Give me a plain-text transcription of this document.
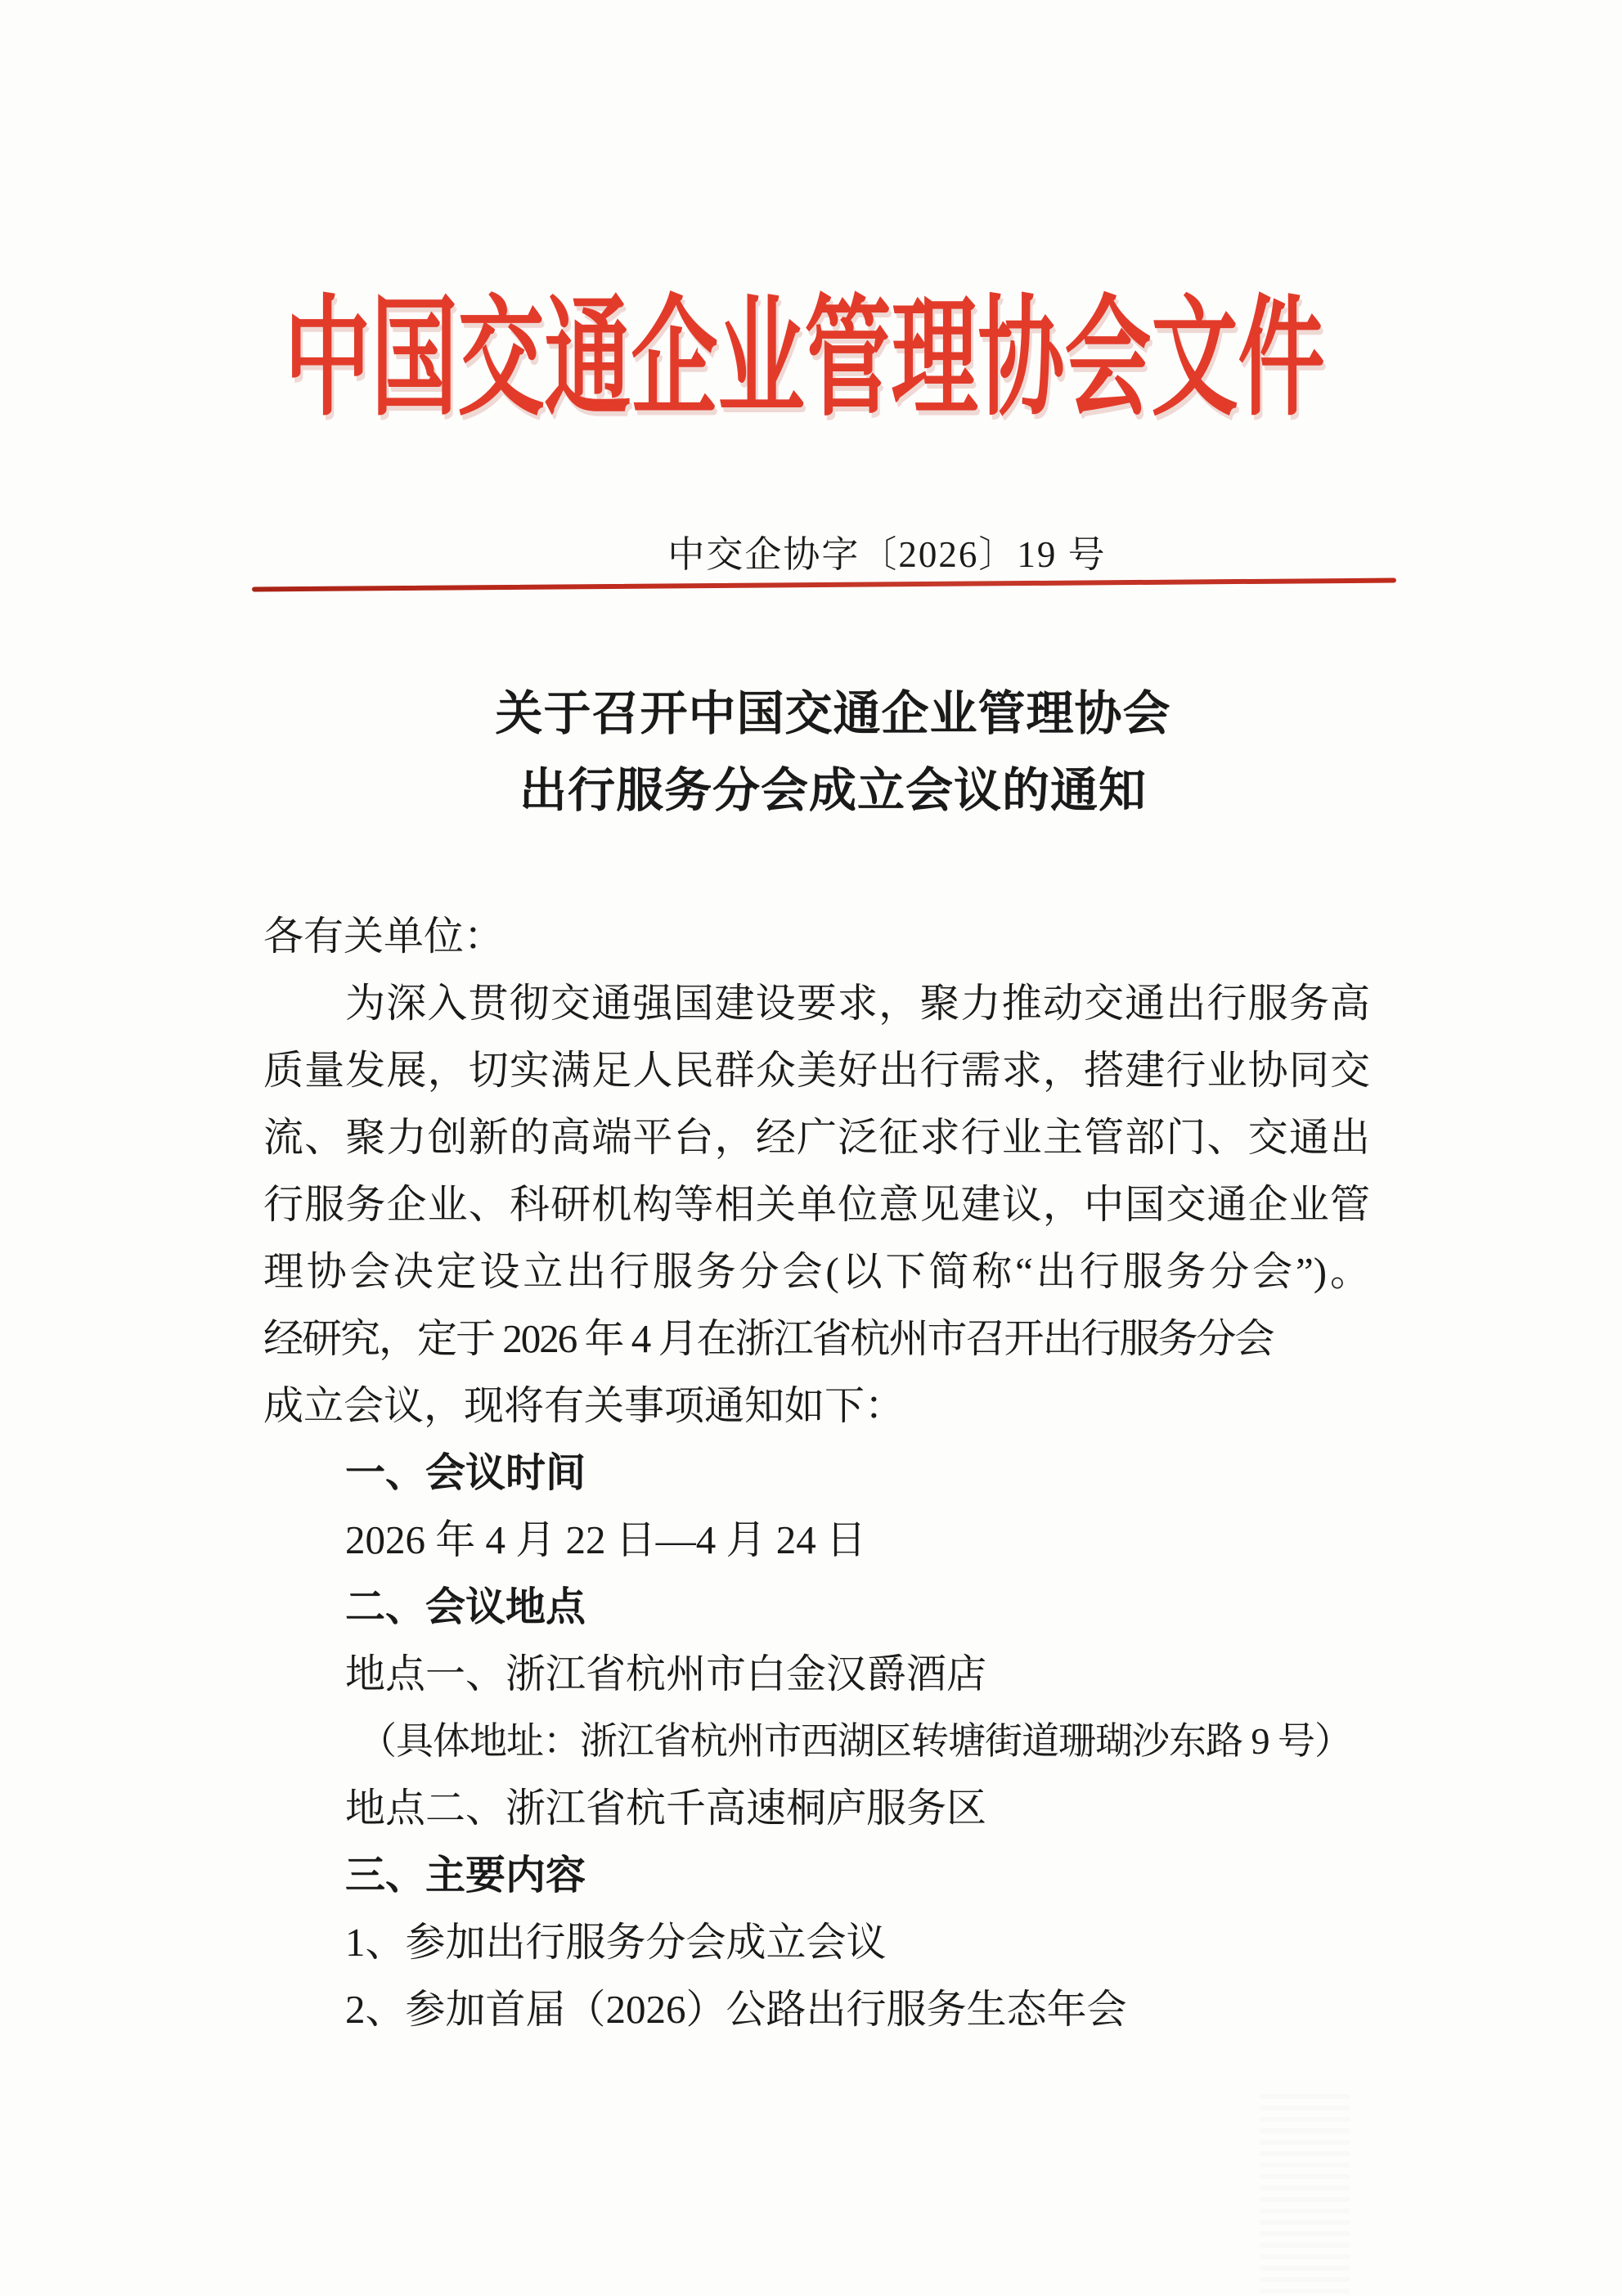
中国交通企业管理协会文件
中交企协字〔2026〕19 号
关于召开中国交通企业管理协会
出行服务分会成立会议的通知
各有关单位：
为深入贯彻交通强国建设要求，聚力推动交通出行服务高
质量发展，切实满足人民群众美好出行需求，搭建行业协同交
流、聚力创新的高端平台，经广泛征求行业主管部门、交通出
行服务企业、科研机构等相关单位意见建议，中国交通企业管
理协会决定设立出行服务分会(以下简称“出行服务分会”)。
经研究，定于 2026 年 4 月在浙江省杭州市召开出行服务分会
成立会议，现将有关事项通知如下：
一、会议时间
2026 年 4 月 22 日—4 月 24 日
二、会议地点
地点一、浙江省杭州市白金汉爵酒店
（具体地址：浙江省杭州市西湖区转塘街道珊瑚沙东路 9 号）
地点二、浙江省杭千高速桐庐服务区
三、主要内容
1、参加出行服务分会成立会议
2、参加首届（2026）公路出行服务生态年会
